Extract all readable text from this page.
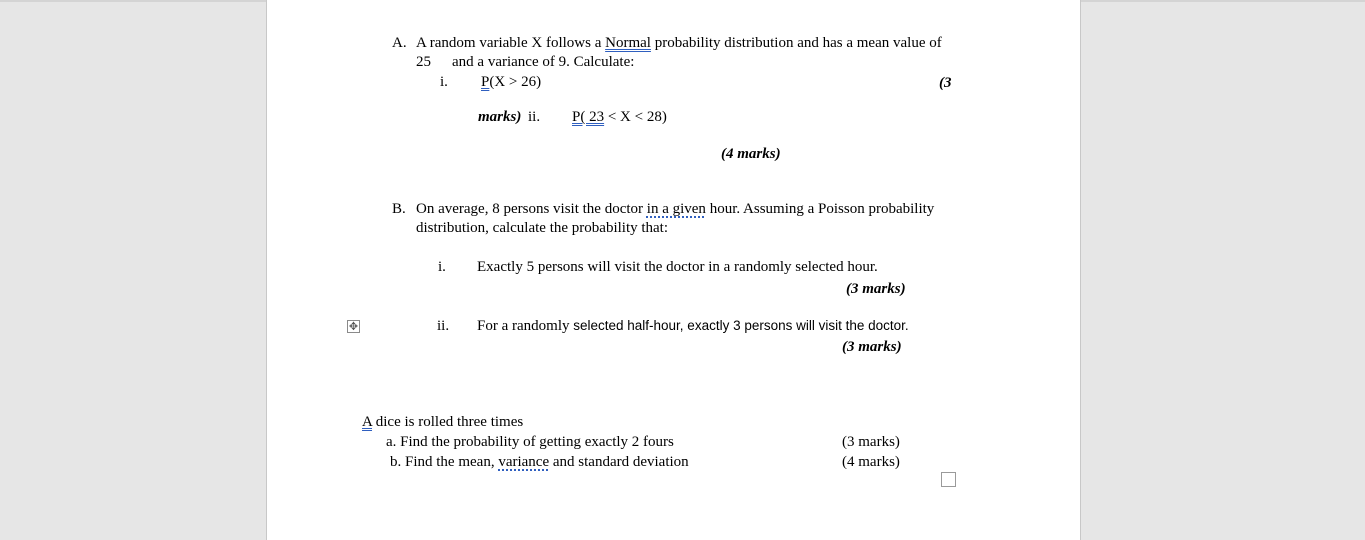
A. A random variable X follows a Normal probability distribution and has a mean value of
25 and a variance of 9. Calculate:
i. P(X > 26)	(3
marks) ii. P( 23 < X < 28)
(4 marks)
B. On average, 8 persons visit the doctor in a given hour. Assuming a Poisson probability
distribution, calculate the probability that:
i. Exactly 5 persons will visit the doctor in a randomly selected hour.
(3 marks)
✥	ii. For a randomly selected half-hour, exactly 3 persons will visit the doctor.
(3 marks)
A dice is rolled three times
a. Find the probability of getting exactly 2 fours	(3 marks)
b. Find the mean, variance and standard deviation	(4 marks)
